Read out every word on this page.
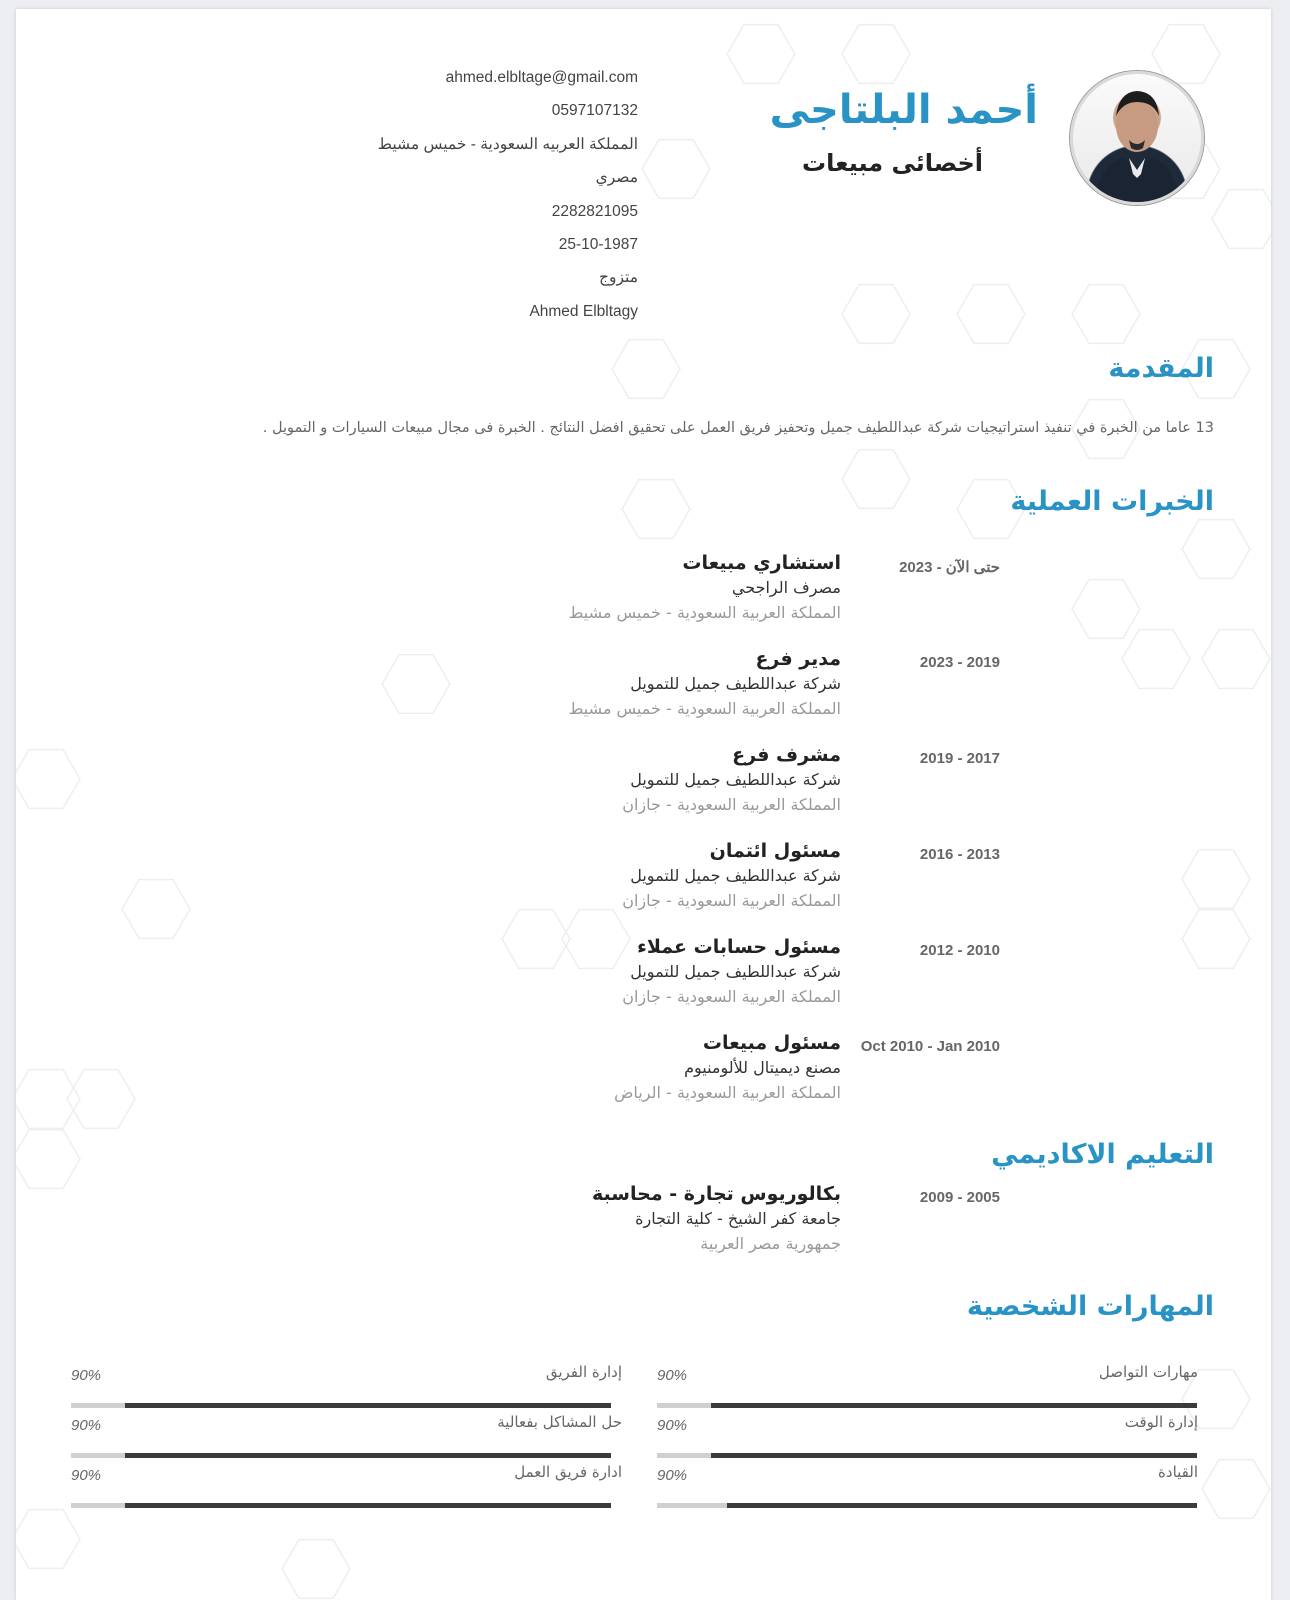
أحمد البلتاجى
أخصائى مبيعات
ahmed.elbltage@gmail.com
0597107132
المملكة العربيه السعودية - خميس مشيط
مصري
2282821095
25-10-1987
متزوج
Ahmed Elbltagy
المقدمة
13 عاما من الخبرة في تنفيذ استراتيجيات شركة عبداللطيف جميل وتحفيز فريق العمل على تحقيق افضل النتائج . الخبرة فى مجال مبيعات السيارات و التمويل .
الخبرات العملية
2023 - حتى الآن
استشاري مبيعات
مصرف الراجحي
المملكة العربية السعودية - خميس مشيط
2023 - 2019
مدير فرع
شركة عبداللطيف جميل للتمويل
المملكة العربية السعودية - خميس مشيط
2019 - 2017
مشرف فرع
شركة عبداللطيف جميل للتمويل
المملكة العربية السعودية - جازان
2016 - 2013
مسئول ائتمان
شركة عبداللطيف جميل للتمويل
المملكة العربية السعودية - جازان
2012 - 2010
مسئول حسابات عملاء
شركة عبداللطيف جميل للتمويل
المملكة العربية السعودية - جازان
Oct 2010 - Jan 2010
مسئول مبيعات
مصنع ديميتال للألومنيوم
المملكة العربية السعودية - الرياض
التعليم الاكاديمي
2009 - 2005
بكالوريوس تجارة - محاسبة
جامعة كفر الشيخ - كلية التجارة
جمهورية مصر العربية
المهارات الشخصية
مهارات التواصل
90%
إدارة الوقت
90%
القيادة
90%
إدارة الفريق
90%
حل المشاكل بفعالية
90%
ادارة فريق العمل
90%
